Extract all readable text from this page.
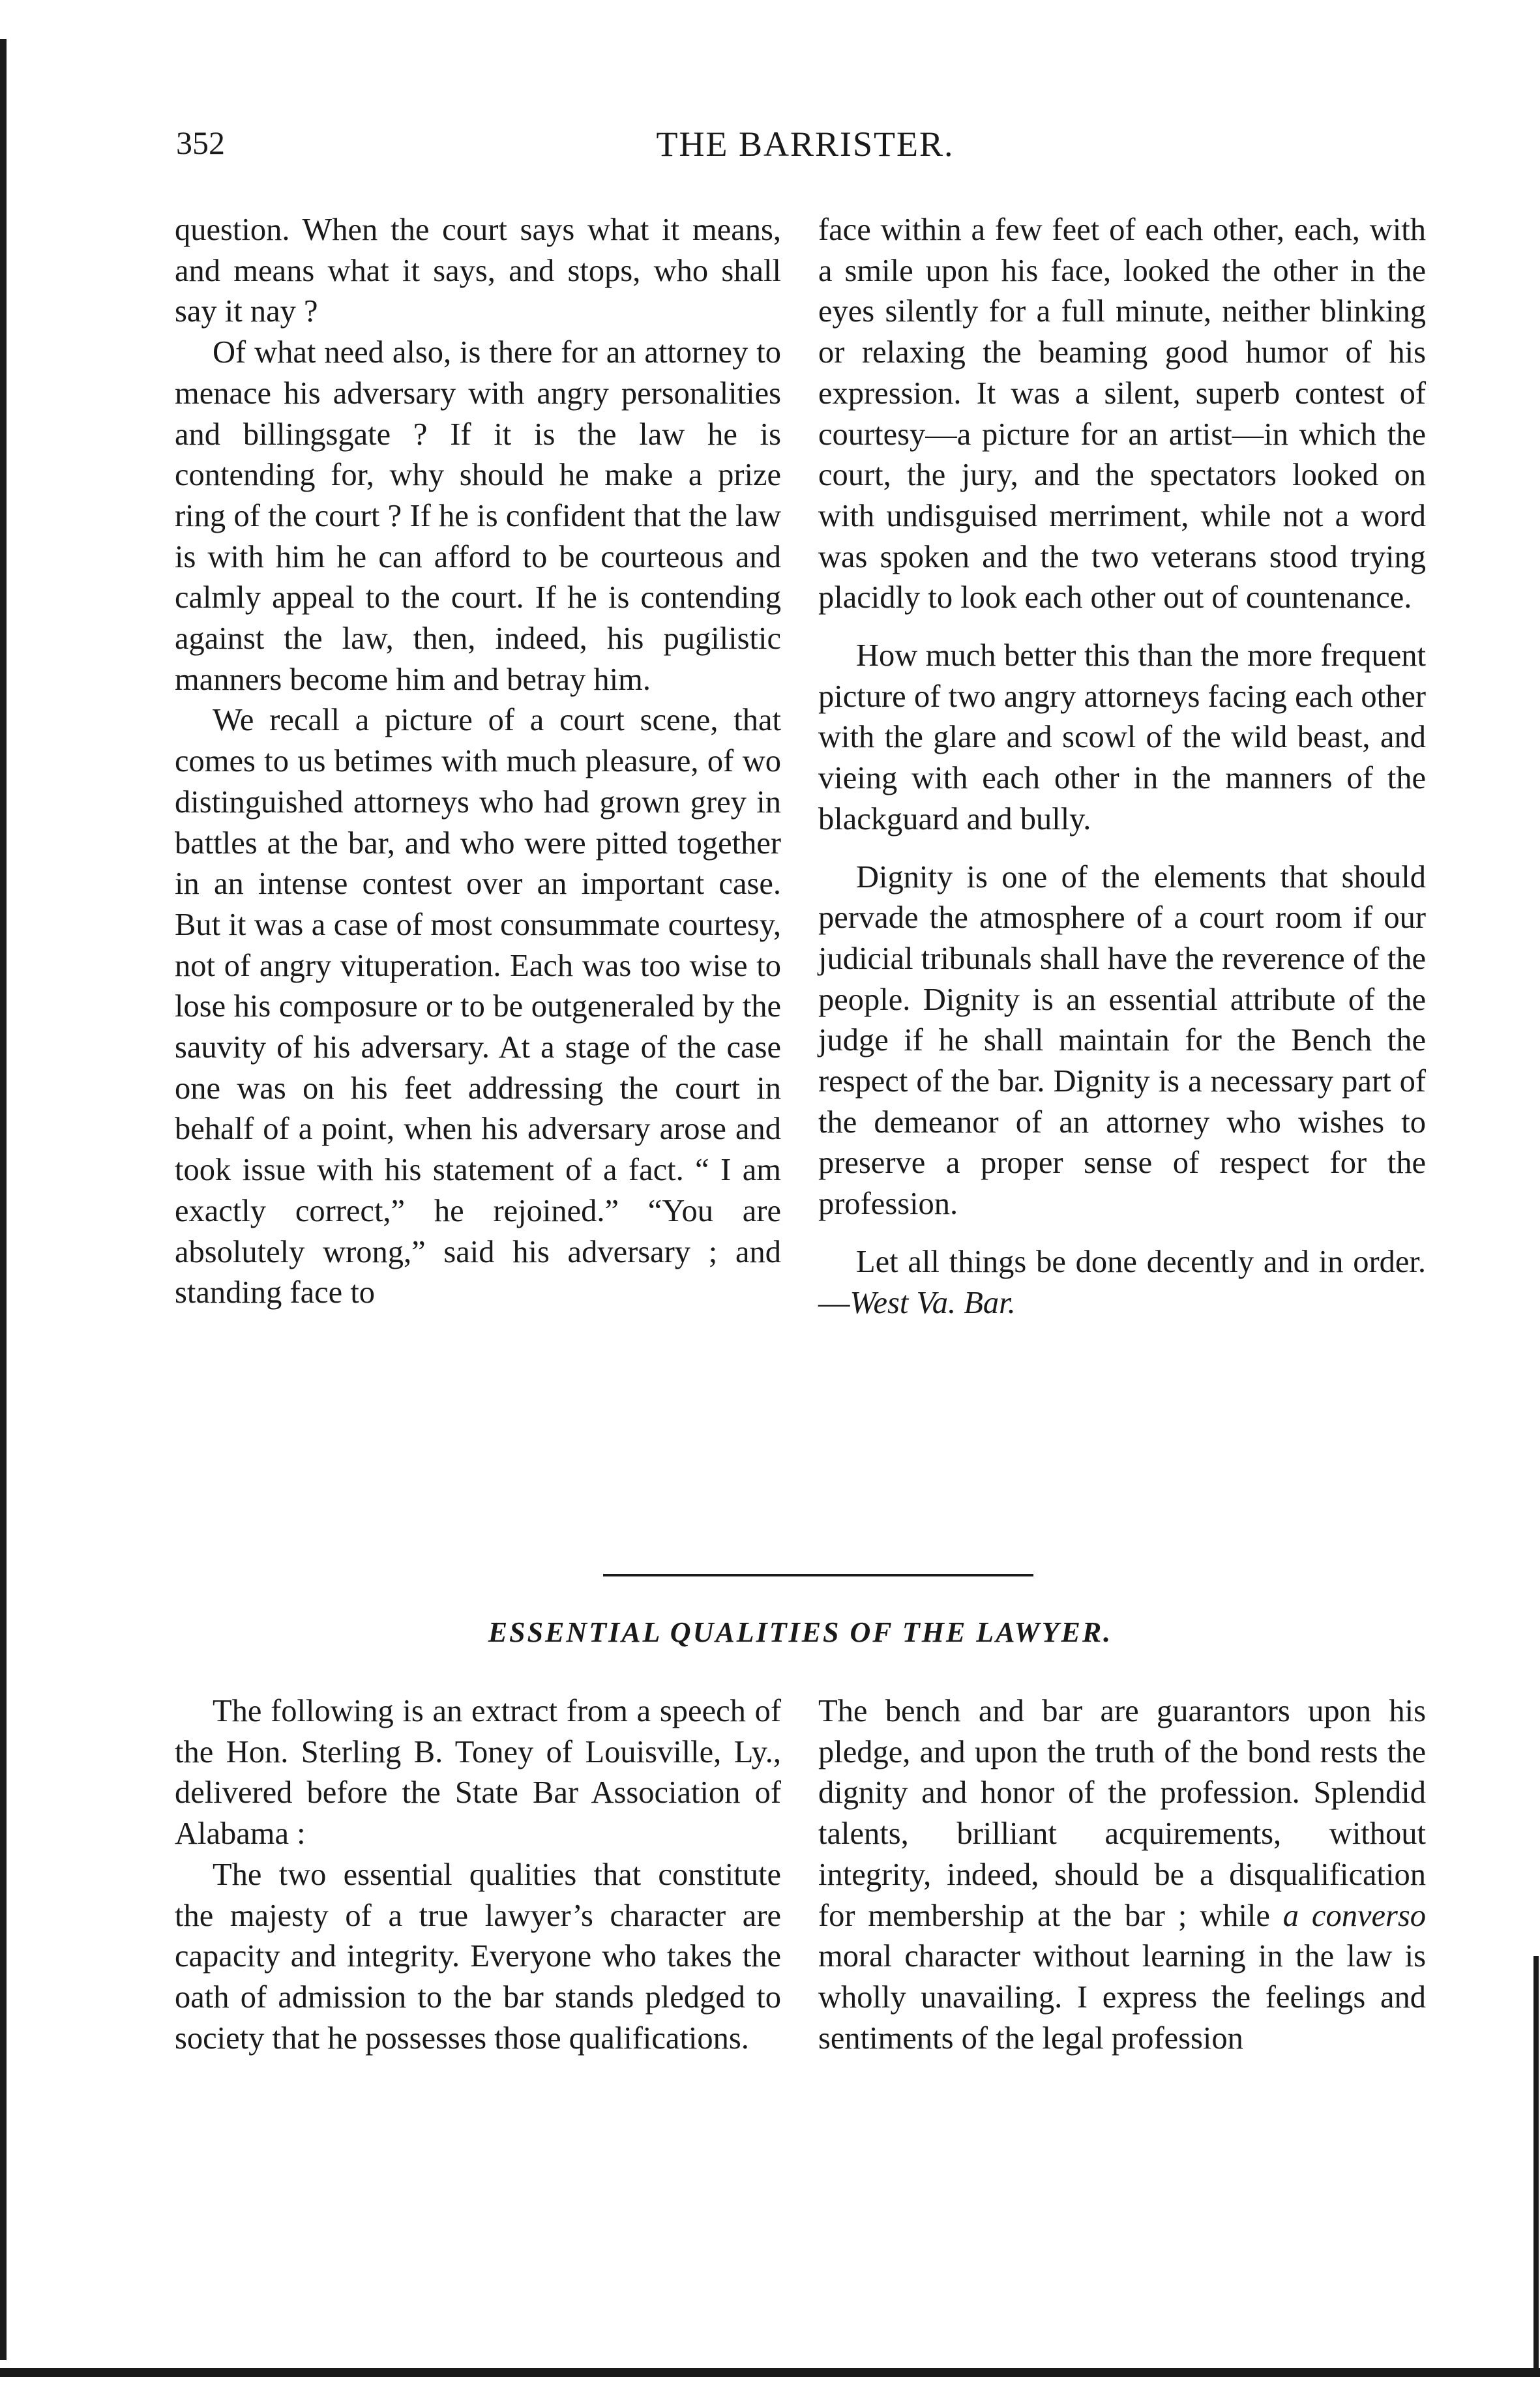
352	THE BARRISTER.

question. When the court says what it means, and means what it says, and stops, who shall say it nay ?

Of what need also, is there for an attorney to menace his adversary with angry personalities and billingsgate ? If it is the law he is contending for, why should he make a prize ring of the court ? If he is confident that the law is with him he can afford to be courteous and calmly appeal to the court. If he is contending against the law, then, indeed, his pugilistic manners become him and betray him.

We recall a picture of a court scene, that comes to us betimes with much pleasure, of wo distinguished attorneys who had grown grey in battles at the bar, and who were pitted together in an intense contest over an important case. But it was a case of most consummate courtesy, not of angry vituperation. Each was too wise to lose his composure or to be outgeneraled by the sauvity of his adversary. At a stage of the case one was on his feet addressing the court in behalf of a point, when his adversary arose and took issue with his statement of a fact. “ I am exactly correct,” he rejoined.” “You are absolutely wrong,” said his adversary ; and standing face to

face within a few feet of each other, each, with a smile upon his face, looked the other in the eyes silently for a full minute, neither blinking or relaxing the beaming good humor of his expression. It was a silent, superb contest of courtesy—a picture for an artist—in which the court, the jury, and the spectators looked on with undisguised merriment, while not a word was spoken and the two veterans stood trying placidly to look each other out of countenance.

How much better this than the more frequent picture of two angry attorneys facing each other with the glare and scowl of the wild beast, and vieing with each other in the manners of the blackguard and bully.

Dignity is one of the elements that should pervade the atmosphere of a court room if our judicial tribunals shall have the reverence of the people. Dignity is an essential attribute of the judge if he shall maintain for the Bench the respect of the bar. Dignity is a necessary part of the demeanor of an attorney who wishes to preserve a proper sense of respect for the profession.

Let all things be done decently and in order.—West Va. Bar.

ESSENTIAL QUALITIES OF THE LAWYER.

The following is an extract from a speech of the Hon. Sterling B. Toney of Louisville, Ly., delivered before the State Bar Association of Alabama :

The two essential qualities that constitute the majesty of a true lawyer’s character are capacity and integrity. Everyone who takes the oath of admission to the bar stands pledged to society that he possesses those qualifications.

The bench and bar are guarantors upon his pledge, and upon the truth of the bond rests the dignity and honor of the profession. Splendid talents, brilliant acquirements, without integrity, indeed, should be a disqualification for membership at the bar ; while a converso moral character without learning in the law is wholly unavailing. I express the feelings and sentiments of the legal profession
